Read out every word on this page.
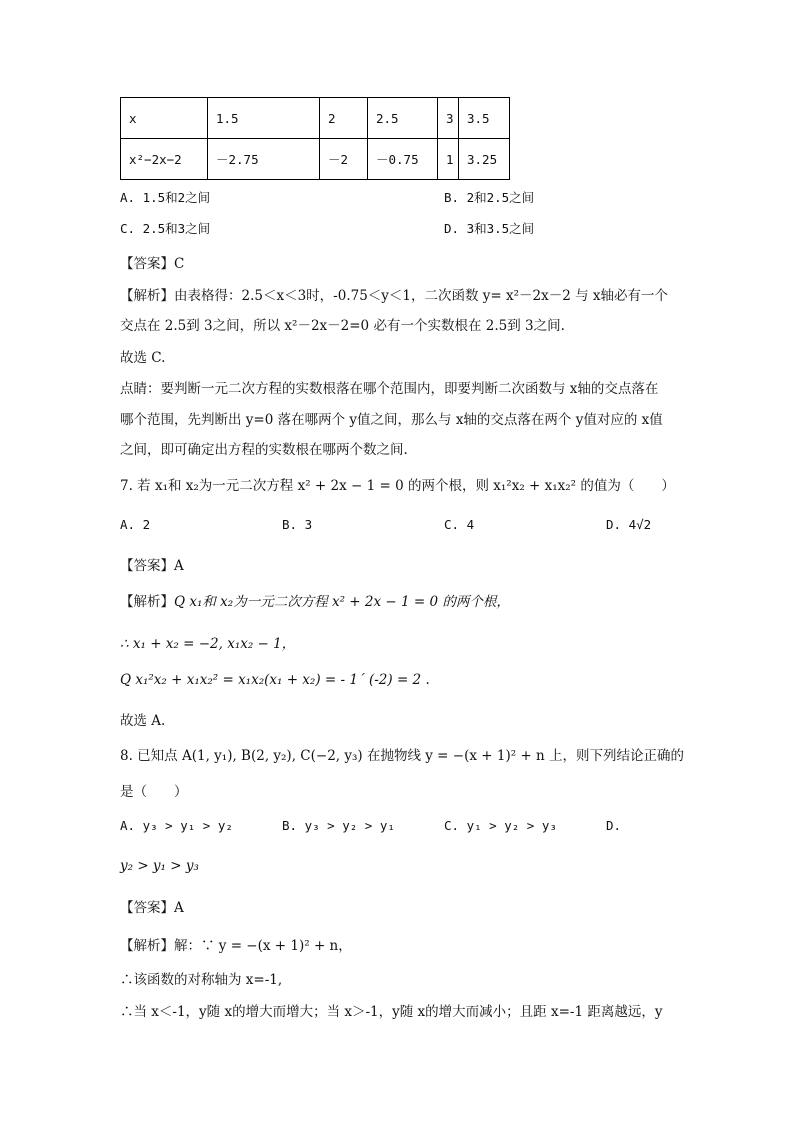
x	1.5	2	2.5	3	3.5
x²−2x−2	－2.75	－2	－0.75	1	3.25
A. 1.5和2之间	B. 2和2.5之间
C. 2.5和3之间	D. 3和3.5之间
【答案】C
【解析】由表格得：2.5＜x＜3时，-0.75＜y＜1，二次函数 y= x²－2x－2 与 x轴必有一个
交点在 2.5到 3之间，所以 x²－2x－2=0 必有一个实数根在 2.5到 3之间.
故选 C.
点睛：要判断一元二次方程的实数根落在哪个范围内，即要判断二次函数与 x轴的交点落在
哪个范围，先判断出 y=0 落在哪两个 y值之间，那么与 x轴的交点落在两个 y值对应的 x值
之间，即可确定出方程的实数根在哪两个数之间.
7. 若 x₁和 x₂为一元二次方程 x² + 2x − 1 = 0 的两个根，则 x₁²x₂ + x₁x₂² 的值为（　　）
A. 2	B. 3	C. 4	D. 4√2
【答案】A
【解析】Q x₁和 x₂为一元二次方程 x² + 2x − 1 = 0 的两个根，
∴ x₁ + x₂ = −2, x₁x₂ − 1，
Q x₁²x₂ + x₁x₂² = x₁x₂(x₁ + x₂) = - 1´ (-2) = 2 .
故选 A.
8. 已知点 A(1, y₁), B(2, y₂), C(−2, y₃) 在抛物线 y = −(x + 1)² + n 上，则下列结论正确的
是（　　）
A. y₃ > y₁ > y₂	B. y₃ > y₂ > y₁	C. y₁ > y₂ > y₃	D.
y₂ > y₁ > y₃
【答案】A
【解析】解：∵ y = −(x + 1)² + n，
∴该函数的对称轴为 x=-1,
∴当 x＜-1，y随 x的增大而增大；当 x＞-1，y随 x的增大而减小；且距 x=-1 距离越远，y
